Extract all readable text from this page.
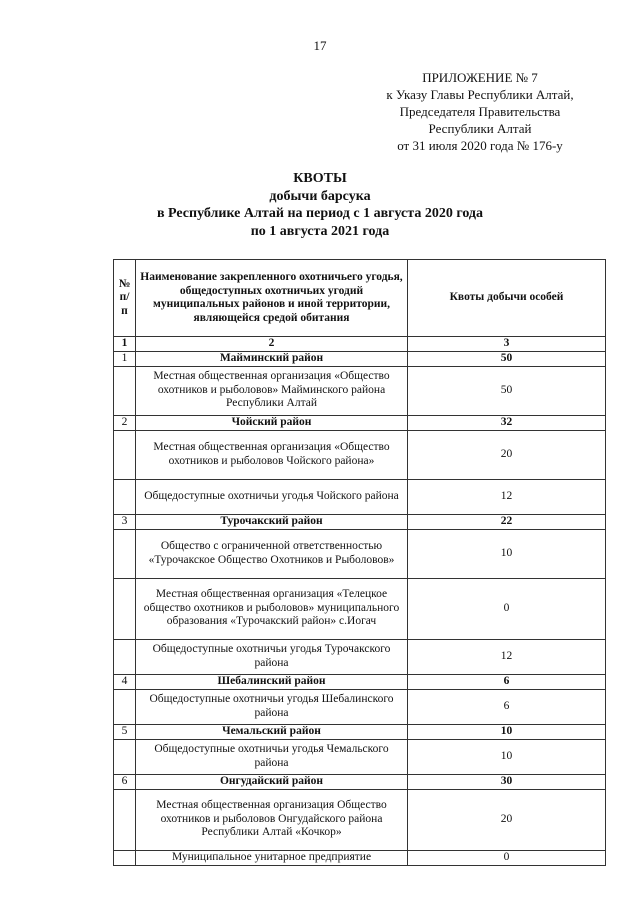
17
ПРИЛОЖЕНИЕ № 7
к Указу Главы Республики Алтай,
Председателя Правительства
Республики Алтай
от 31 июля 2020 года № 176-у
КВОТЫ
добычи барсука
в Республике Алтай на период с 1 августа 2020 года
по 1 августа 2021 года
№ п/п	Наименование закрепленного охотничьего угодья, общедоступных охотничьих угодий муниципальных районов и иной территории, являющейся средой обитания	Квоты добычи особей
1	2	3
1	Майминский район	50
	Местная общественная организация «Общество охотников и рыболовов» Майминского района Республики Алтай	50
2	Чойский район	32
	Местная общественная организация «Общество охотников и рыболовов Чойского района»	20
	Общедоступные охотничьи угодья Чойского района	12
3	Турочакский район	22
	Общество с ограниченной ответственностью «Турочакское Общество Охотников и Рыболовов»	10
	Местная общественная организация «Телецкое общество охотников и рыболовов» муниципального образования «Турочакский район» с.Иогач	0
	Общедоступные охотничьи угодья Турочакского района	12
4	Шебалинский район	6
	Общедоступные охотничьи угодья Шебалинского района	6
5	Чемальский район	10
	Общедоступные охотничьи угодья Чемальского района	10
6	Онгудайский район	30
	Местная общественная организация Общество охотников и рыболовов Онгудайского района Республики Алтай «Кочкор»	20
	Муниципальное унитарное предприятие	0
